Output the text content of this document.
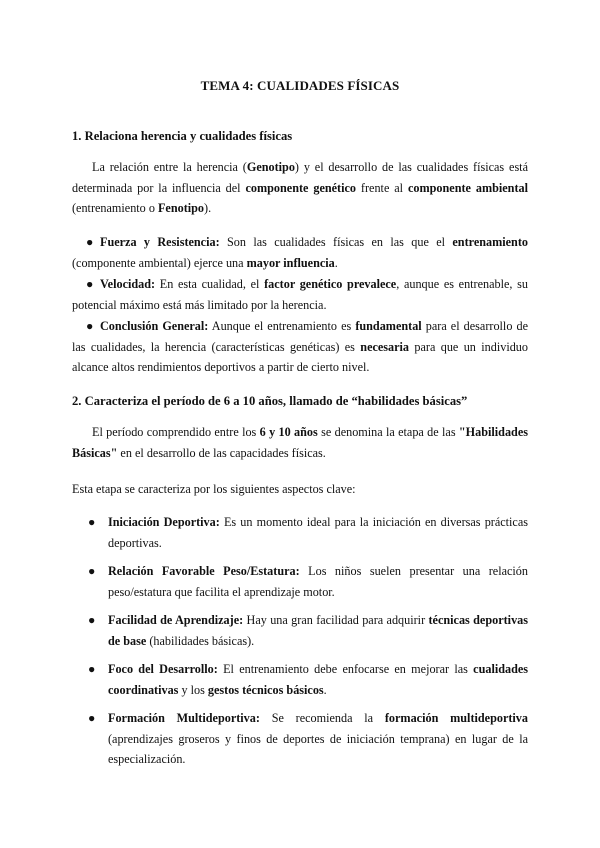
TEMA 4: CUALIDADES FÍSICAS
1. Relaciona herencia y cualidades físicas

La relación entre la herencia (Genotipo) y el desarrollo de las cualidades físicas está determinada por la influencia del componente genético frente al componente ambiental (entrenamiento o Fenotipo).

● Fuerza y Resistencia: Son las cualidades físicas en las que el entrenamiento (componente ambiental) ejerce una mayor influencia.

● Velocidad: En esta cualidad, el factor genético prevalece, aunque es entrenable, su potencial máximo está más limitado por la herencia.

● Conclusión General: Aunque el entrenamiento es fundamental para el desarrollo de las cualidades, la herencia (características genéticas) es necesaria para que un individuo alcance altos rendimientos deportivos a partir de cierto nivel.

2. Caracteriza el período de 6 a 10 años, llamado de “habilidades básicas”

El período comprendido entre los 6 y 10 años se denomina la etapa de las "Habilidades Básicas" en el desarrollo de las capacidades físicas.

Esta etapa se caracteriza por los siguientes aspectos clave:

● Iniciación Deportiva: Es un momento ideal para la iniciación en diversas prácticas deportivas.
● Relación Favorable Peso/Estatura: Los niños suelen presentar una relación peso/estatura que facilita el aprendizaje motor.
● Facilidad de Aprendizaje: Hay una gran facilidad para adquirir técnicas deportivas de base (habilidades básicas).
● Foco del Desarrollo: El entrenamiento debe enfocarse en mejorar las cualidades coordinativas y los gestos técnicos básicos.
● Formación Multideportiva: Se recomienda la formación multideportiva (aprendizajes groseros y finos de deportes de iniciación temprana) en lugar de la especialización.
